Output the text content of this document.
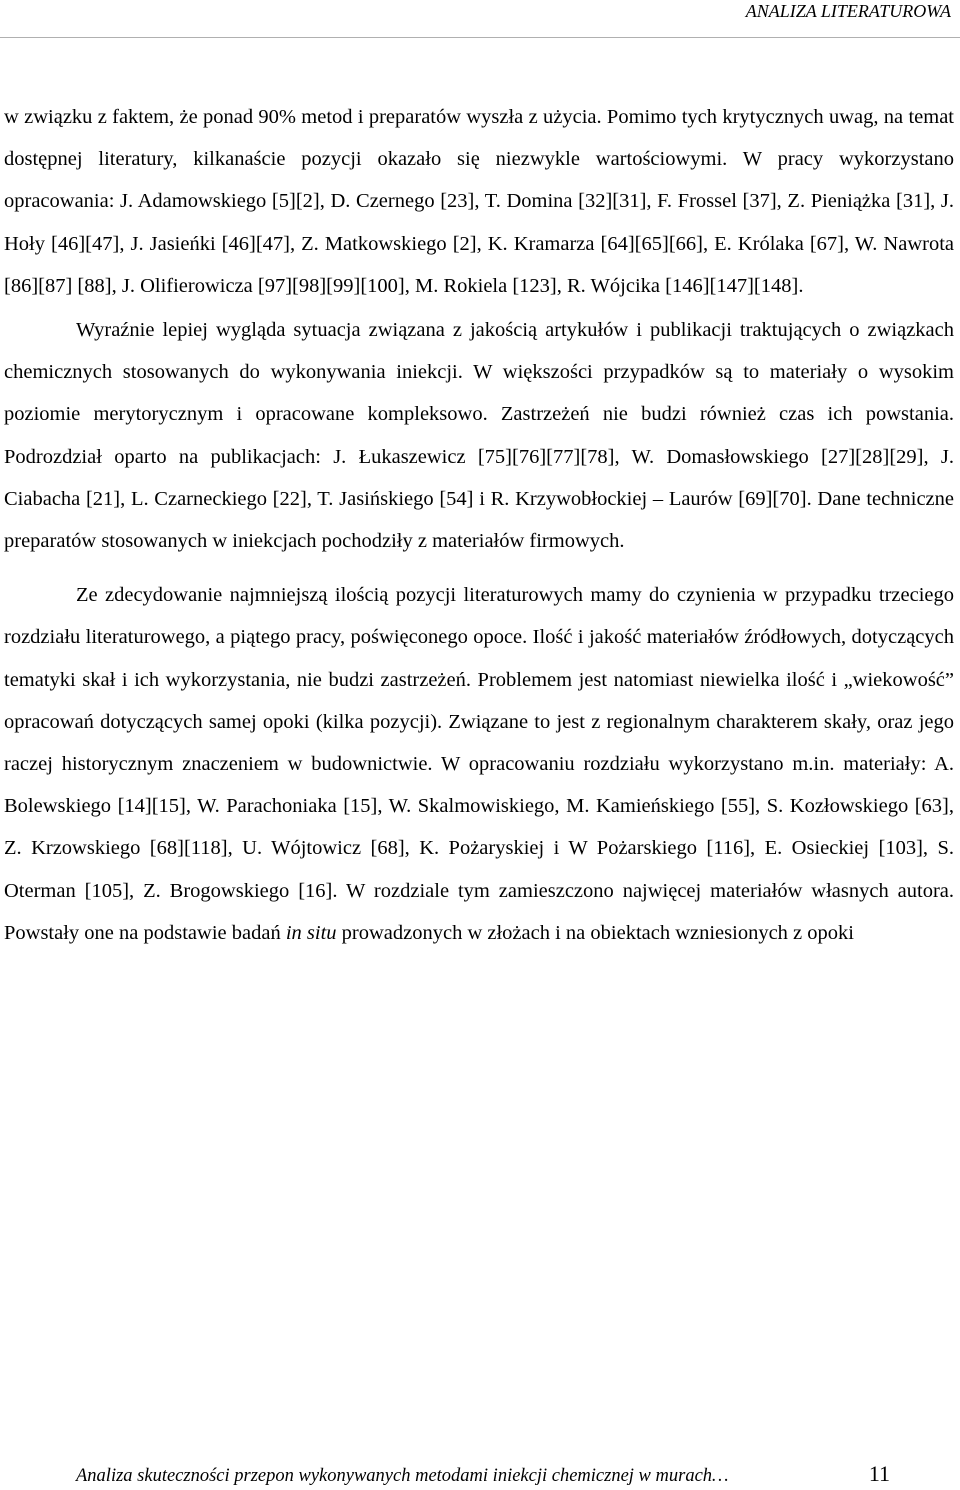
ANALIZA LITERATUROWA

w związku z faktem, że ponad 90% metod i preparatów wyszła z użycia. Pomimo tych krytycznych uwag, na temat dostępnej literatury, kilkanaście pozycji okazało się niezwykle wartościowymi. W pracy wykorzystano opracowania: J. Adamowskiego [5][2], D. Czernego [23], T. Domina [32][31], F. Frossel [37], Z. Pieniążka [31], J. Hoły [46][47], J. Jasieńki [46][47], Z. Matkowskiego [2], K. Kramarza [64][65][66], E. Królaka [67], W. Nawrota [86][87] [88], J. Olifierowicza [97][98][99][100], M. Rokiela [123], R. Wójcika [146][147][148].

Wyraźnie lepiej wygląda sytuacja związana z jakością artykułów i publikacji traktujących o związkach chemicznych stosowanych do wykonywania iniekcji. W większości przypadków są to materiały o wysokim poziomie merytorycznym i opracowane kompleksowo. Zastrzeżeń nie budzi również czas ich powstania. Podrozdział oparto na publikacjach: J. Łukaszewicz [75][76][77][78], W. Domasłowskiego [27][28][29], J. Ciabacha [21], L. Czarneckiego [22], T. Jasińskiego [54] i R. Krzywobłockiej – Laurów [69][70]. Dane techniczne preparatów stosowanych w iniekcjach pochodziły z materiałów firmowych.

Ze zdecydowanie najmniejszą ilością pozycji literaturowych mamy do czynienia w przypadku trzeciego rozdziału literaturowego, a piątego pracy, poświęconego opoce. Ilość i jakość materiałów źródłowych, dotyczących tematyki skał i ich wykorzystania, nie budzi zastrzeżeń. Problemem jest natomiast niewielka ilość i „wiekowość” opracowań dotyczących samej opoki (kilka pozycji). Związane to jest z regionalnym charakterem skały, oraz jego raczej historycznym znaczeniem w budownictwie. W opracowaniu rozdziału wykorzystano m.in. materiały: A. Bolewskiego [14][15], W. Parachoniaka [15], W. Skalmowiskiego, M. Kamieńskiego [55], S. Kozłowskiego [63], Z. Krzowskiego [68][118], U. Wójtowicz [68], K. Pożaryskiej i W Pożarskiego [116], E. Osieckiej [103], S. Oterman [105], Z. Brogowskiego [16]. W rozdziale tym zamieszczono najwięcej materiałów własnych autora. Powstały one na podstawie badań in situ prowadzonych w złożach i na obiektach wzniesionych z opoki

Analiza skuteczności przepon wykonywanych metodami iniekcji chemicznej w murach…	11
